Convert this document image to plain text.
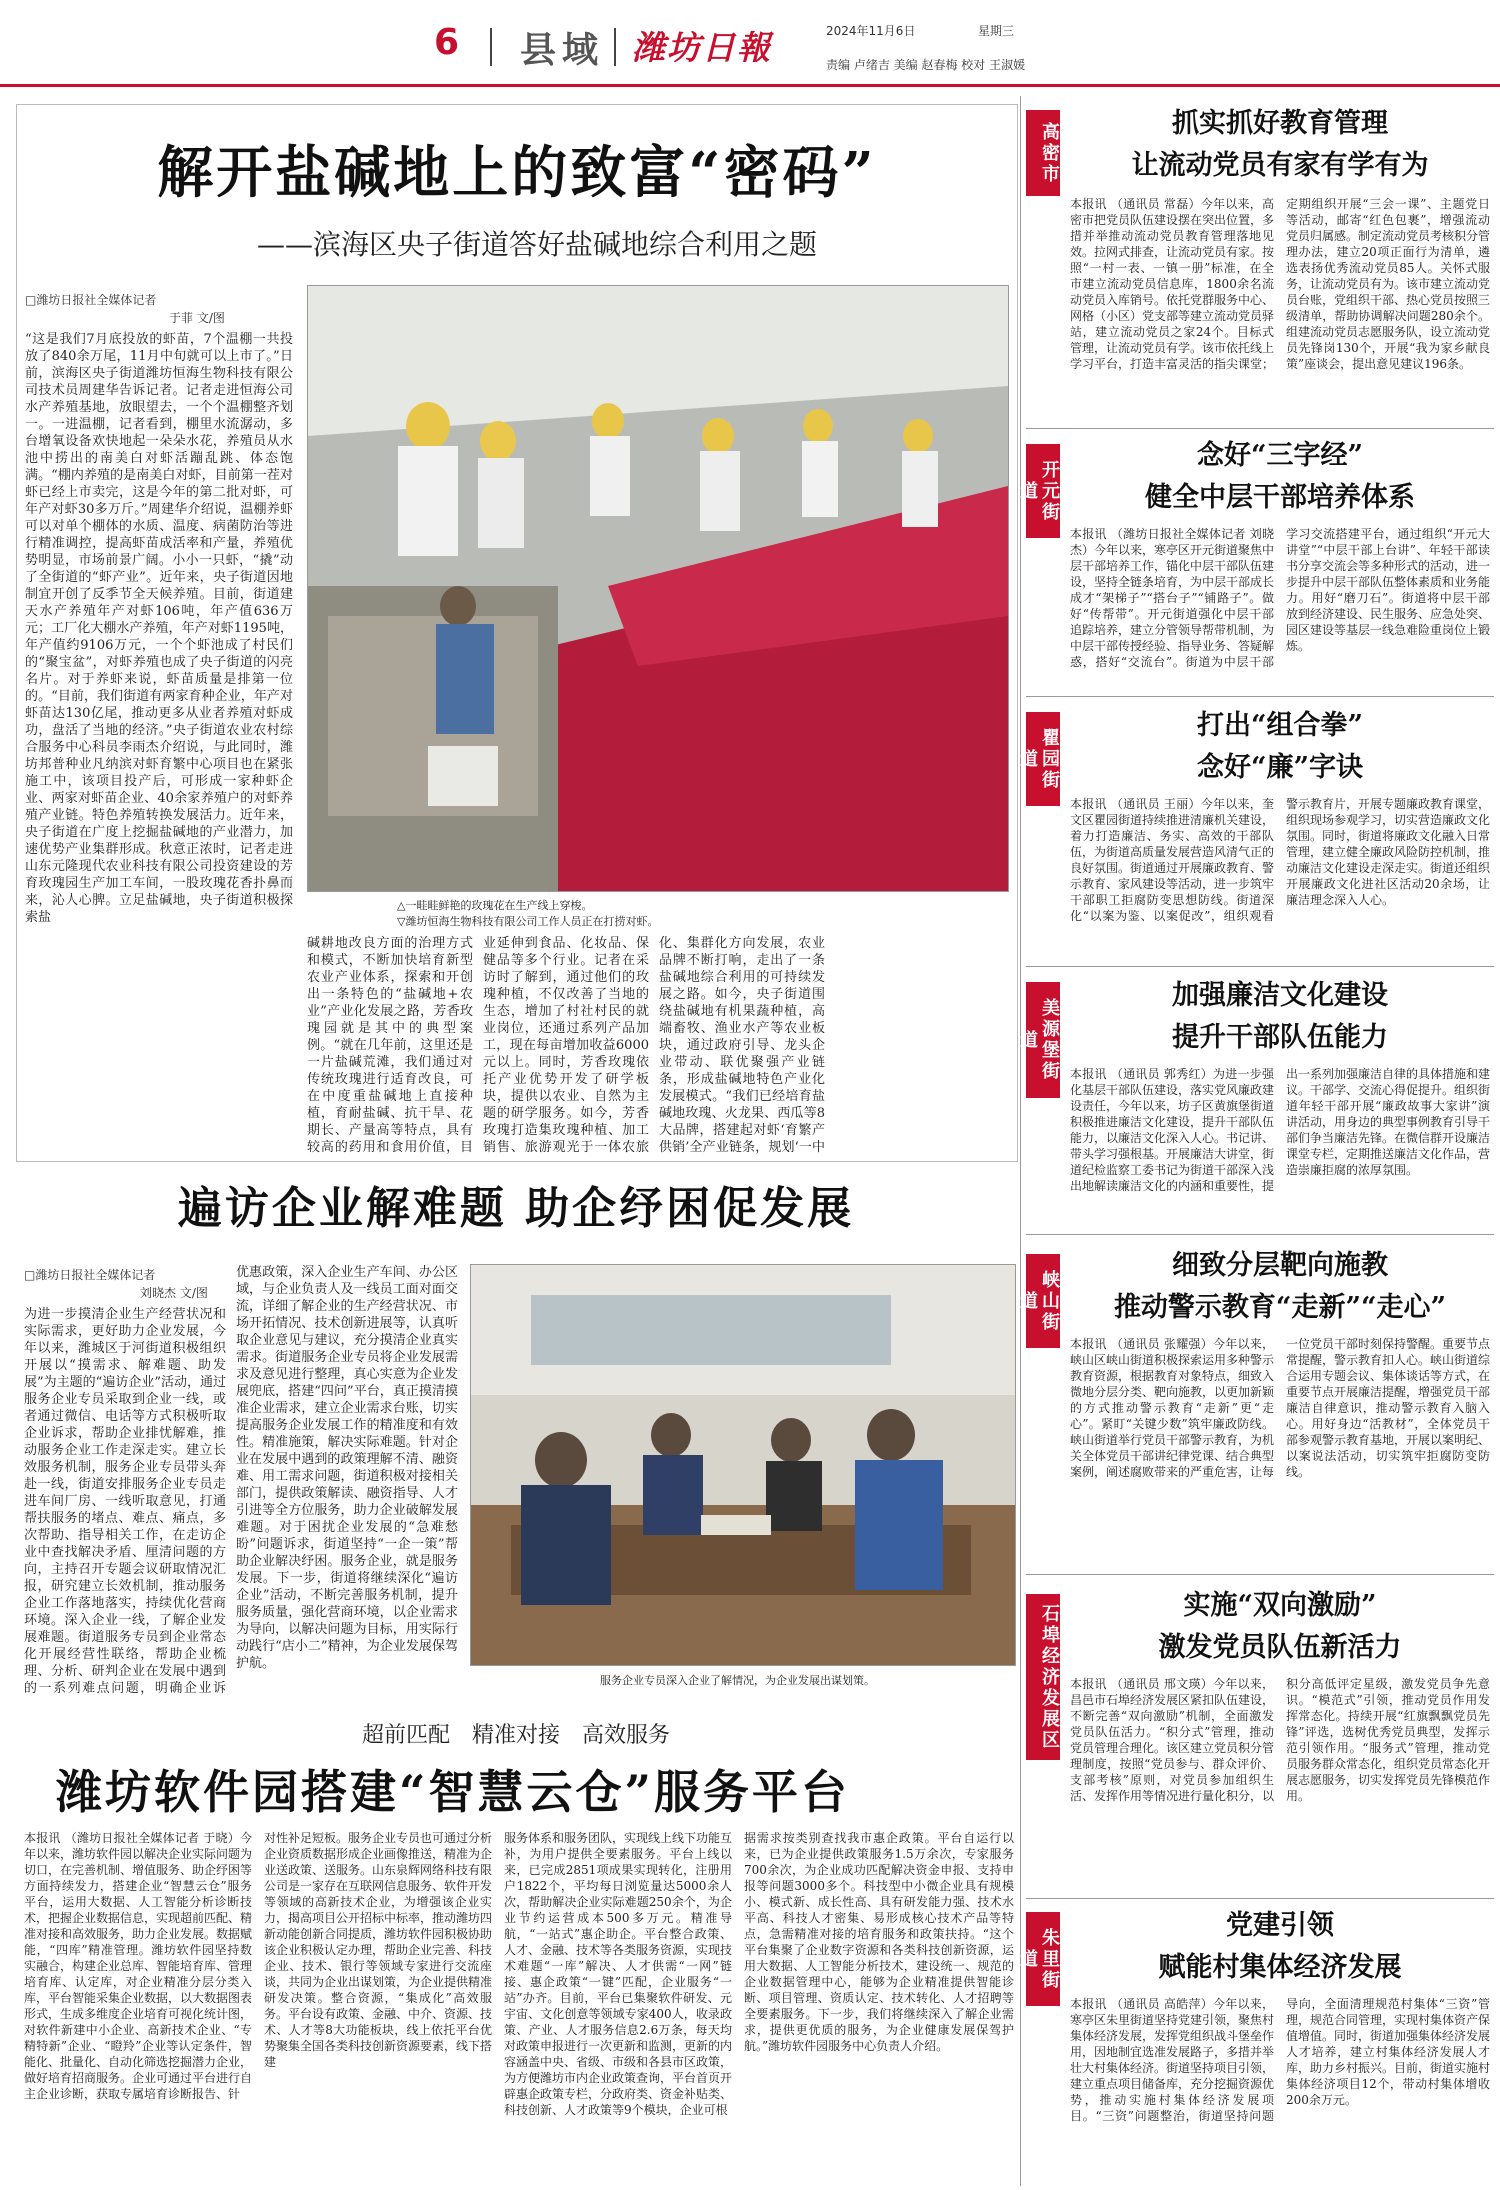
6 县域 潍坊日報	2024年11月6日	星期三
责编 卢绪吉 美编 赵春梅 校对 王淑媛
解开盐碱地上的致富“密码”
——滨海区央子街道答好盐碱地综合利用之题
□潍坊日报社全媒体记者
于菲 文/图
“这是我们7月底投放的虾苗，7个温棚一共投放了840余万尾，11月中旬就可以上市了。”日前，滨海区央子街道潍坊恒海生物科技有限公司技术员周建华告诉记者。记者走进恒海公司水产养殖基地，放眼望去，一个个温棚整齐划一。一进温棚，记者看到，棚里水流潺动，多台增氧设备欢快地起一朵朵水花，养殖员从水池中捞出的南美白对虾活蹦乱跳、体态饱满。“棚内养殖的是南美白对虾，目前第一茬对虾已经上市卖完，这是今年的第二批对虾，可年产对虾30多万斤。”周建华介绍说，温棚养虾可以对单个棚体的水质、温度、病菌防治等进行精准调控，提高虾苗成活率和产量，养殖优势明显，市场前景广阔。小小一只虾，“撬”动了全街道的“虾产业”。近年来，央子街道因地制宜开创了反季节全天候养殖。目前，街道建天水产养殖年产对虾106吨，年产值636万元；工厂化大棚水产养殖，年产对虾1195吨，年产值约9106万元，一个个虾池成了村民们的“聚宝盆”，对虾养殖也成了央子街道的闪亮名片。对于养虾来说，虾苗质量是排第一位的。“目前，我们街道有两家育种企业，年产对虾苗达130亿尾，推动更多从业者养殖对虾成功，盘活了当地的经济。”央子街道农业农村综合服务中心科员李雨杰介绍说，与此同时，潍坊邦普种业凡纳滨对虾育繁中心项目也在紧张施工中，该项目投产后，可形成一家种虾企业、两家对虾苗企业、40余家养殖户的对虾养殖产业链。特色养殖转换发展活力。近年来，央子街道在广度上挖掘盐碱地的产业潜力，加速优势产业集群形成。秋意正浓时，记者走进山东元隆现代农业科技有限公司投资建设的芳育玫瑰园生产加工车间，一股玫瑰花香扑鼻而来，沁人心脾。立足盐碱地，央子街道积极探索盐
△一畦畦鲜艳的玫瑰花在生产线上穿梭。
▽潍坊恒海生物科技有限公司工作人员正在打捞对虾。
碱耕地改良方面的治理方式和模式，不断加快培育新型农业产业体系，探索和开创出一条特色的“盐碱地+农业”产业化发展之路，芳香玫瑰园就是其中的典型案例。“就在几年前，这里还是一片盐碱荒滩，我们通过对传统玫瑰进行适育改良，可在中度重盐碱地上直接种植，育耐盐碱、抗干旱、花期长、产量高等特点，具有较高的药用和食用价值，目
业延伸到食品、化妆品、保健品等多个行业。记者在采访时了解到，通过他们的玫瑰种植，不仅改善了当地的生态，增加了村社村民的就业岗位，还通过系列产品加工，现在每亩增加收益6000元以上。同时，芳香玫瑰依托产业优势开发了研学板块，提供以农业、自然为主题的研学服务。如今，芳香玫瑰打造集玫瑰种植、加工销售、旅游观光于一体农旅
化、集群化方向发展，农业品牌不断打响，走出了一条盐碱地综合利用的可持续发展之路。如今，央子街道围绕盐碱地有机果蔬种植，高端畜牧、渔业水产等农业板块，通过政府引导、龙头企业带动、联优聚强产业链条，形成盐碱地特色产业化发展模式。“我们已经培育盐碱地玫瑰、火龙果、西瓜等8大品牌，搭建起对虾‘育繁产供销’全产业链条，规划‘一中
遍访企业解难题 助企纾困促发展
□潍坊日报社全媒体记者
刘晓杰 文/图
为进一步摸清企业生产经营状况和实际需求，更好助力企业发展，今年以来，潍城区于河街道积极组织开展以“摸需求、解难题、助发展”为主题的“遍访企业”活动，通过服务企业专员采取到企业一线，或者通过微信、电话等方式积极听取企业诉求，帮助企业排忧解难，推动服务企业工作走深走实。建立长效服务机制，服务企业专员带头奔赴一线，街道安排服务企业专员走进车间厂房、一线听取意见，打通帮扶服务的堵点、难点、痛点，多次帮助、指导相关工作，在走访企业中查找解决矛盾、厘清问题的方向，主持召开专题会议研取情况汇报，研究建立长效机制，推动服务企业工作落地落实，持续优化营商环境。深入企业一线，了解企业发展难题。街道服务专员到企业常态化开展经营性联络，帮助企业梳理、分析、研判企业在发展中遇到的一系列难点问题，明确企业诉
优惠政策，深入企业生产车间、办公区域，与企业负责人及一线员工面对面交流，详细了解企业的生产经营状况、市场开拓情况、技术创新进展等，认真听取企业意见与建议，充分摸清企业真实需求。街道服务企业专员将企业发展需求及意见进行整理，真心实意为企业发展兜底，搭建“四问”平台，真正摸清摸准企业需求，建立企业需求台账，切实提高服务企业发展工作的精准度和有效性。精准施策，解决实际难题。针对企业在发展中遇到的政策理解不清、融资难、用工需求问题，街道积极对接相关部门，提供政策解读、融资指导、人才引进等全方位服务，助力企业破解发展难题。对于困扰企业发展的“急难愁盼”问题诉求，街道坚持“一企一策”帮助企业解决纾困。服务企业，就是服务发展。下一步，街道将继续深化“遍访企业”活动，不断完善服务机制，提升服务质量，强化营商环境，以企业需求为导向，以解决问题为目标，用实际行动践行“店小二”精神，为企业发展保驾护航。
服务企业专员深入企业了解情况，为企业发展出谋划策。
超前匹配　精准对接　高效服务
潍坊软件园搭建“智慧云仓”服务平台
本报讯 （潍坊日报社全媒体记者 于晓）今年以来，潍坊软件园以解决企业实际问题为切口，在完善机制、增值服务、助企纾困等方面持续发力，搭建企业“智慧云仓”服务平台，运用大数据、人工智能分析诊断技术，把握企业数据信息，实现超前匹配、精准对接和高效服务，助力企业发展。数据赋能，“四库”精准管理。潍坊软件园坚持数实融合，构建企业总库、智能培育库、管理培育库、认定库，对企业精准分层分类入库，平台智能采集企业数据，以大数据图表形式，生成多维度企业培育可视化统计图，对软件新建中小企业、高新技术企业、“专精特新”企业、“瞪羚”企业等认定条件，智能化、批量化、自动化筛选挖掘潜力企业，做好培育招商服务。企业可通过平台进行自主企业诊断，获取专属培育诊断报告、针
对性补足短板。服务企业专员也可通过分析企业资质数据形成企业画像推送，精准为企业送政策、送服务。山东泉辉网络科技有限公司是一家存在互联网信息服务、软件开发等领域的高新技术企业，为增强该企业实力，揭高项目公开招标中标率，推动潍坊四新动能创新合同提质，潍坊软件园积极协助该企业积极认定办理，帮助企业完善、科技企业、技术、银行等领域专家进行交流座谈，共同为企业出谋划策，为企业提供精准研发决策。整合资源，“集成化”高效服务。平台设有政策、金融、中介、资源、技术、人才等8大功能板块，线上依托平台优势聚集全国各类科技创新资源要素，线下搭建
服务体系和服务团队，实现线上线下功能互补，为用户提供全要素服务。平台上线以来，已完成2851项成果实现转化，注册用户1822个，平均每日浏览量达5000余人次，帮助解决企业实际难题250余个，为企业节约运营成本500多万元。精准导航，“一站式”惠企助企。平台整合政策、人才、金融、技术等各类服务资源，实现技术难题“一库”解决、人才供需“一网”链接、惠企政策“一键”匹配，企业服务“一站”办齐。目前，平台已集聚软件研发、元宇宙、文化创意等领域专家400人，收录政策、产业、人才服务信息2.6万条，每天均对政策申报进行一次更新和监测，更新的内容涵盖中央、省级、市级和各县市区政策，为方便潍坊市内企业政策查询，平台首页开辟惠企政策专栏，分政府类、资金补贴类、科技创新、人才政策等9个模块，企业可根
据需求按类别查找我市惠企政策。平台自运行以来，已为企业提供政策服务1.5万余次，专家服务700余次，为企业成功匹配解决资金申报、支持申报等问题3000多个。科技型中小微企业具有规模小、模式新、成长性高、具有研发能力强、技术水平高、科技人才密集、易形成核心技术产品等特点，急需精准对接的培育服务和政策扶持。“这个平台集聚了企业数字资源和各类科技创新资源，运用大数据、人工智能分析技术，建设统一、规范的企业数据管理中心，能够为企业精准提供智能诊断、项目管理、资质认定、技术转化、人才招聘等全要素服务。下一步，我们将继续深入了解企业需求，提供更优质的服务，为企业健康发展保驾护航。”潍坊软件园服务中心负责人介绍。
高密市	抓实抓好教育管理
让流动党员有家有学有为
本报讯 （通讯员 常磊）今年以来，高密市把党员队伍建设摆在突出位置，多措并举推动流动党员教育管理落地见效。拉网式排查，让流动党员有家。按照“一村一表、一镇一册”标准，在全市建立流动党员信息库，1800余名流动党员入库销号。依托党群服务中心、网格（小区）党支部等建立流动党员驿站，建立流动党员之家24个。目标式管理，让流动党员有学。该市依托线上学习平台，打造丰富灵活的指尖课堂；定期组织开展“三会一课”、主题党日等活动，邮寄“红色包裹”，增强流动党员归属感。制定流动党员考核积分管理办法，建立20项正面行为清单，遴选表扬优秀流动党员85人。关怀式服务，让流动党员有为。该市建立流动党员台账，党组织干部、热心党员按照三级清单，帮助协调解决问题280余个。组建流动党员志愿服务队，设立流动党员先锋岗130个，开展“我为家乡献良策”座谈会，提出意见建议196条。
开元街道
念好“三字经”
健全中层干部培养体系
本报讯 （潍坊日报社全媒体记者 刘晓杰）今年以来，寒亭区开元街道聚焦中层干部培养工作，锚化中层干部队伍建设，坚持全链条培育，为中层干部成长成才“架梯子”“搭台子”“铺路子”。做好“传帮带”。开元街道强化中层干部追踪培养，建立分管领导帮带机制，为中层干部传授经验、指导业务、答疑解惑，搭好“交流台”。街道为中层干部学习交流搭建平台，通过组织“开元大讲堂”“中层干部上台讲”、年轻干部读书分享交流会等多种形式的活动，进一步提升中层干部队伍整体素质和业务能力。用好“磨刀石”。街道将中层干部放到经济建设、民生服务、应急处突、园区建设等基层一线急难险重岗位上锻炼。
瞿园街道
打出“组合拳”
念好“廉”字诀
本报讯 （通讯员 王丽）今年以来，奎文区瞿园街道持续推进清廉机关建设，着力打造廉洁、务实、高效的干部队伍，为街道高质量发展营造风清气正的良好氛围。街道通过开展廉政教育、警示教育、家风建设等活动，进一步筑牢干部职工拒腐防变思想防线。街道深化“以案为鉴、以案促改”，组织观看警示教育片，开展专题廉政教育课堂，组织现场参观学习，切实营造廉政文化氛围。同时，街道将廉政文化融入日常管理，建立健全廉政风险防控机制，推动廉洁文化建设走深走实。街道还组织开展廉政文化进社区活动20余场，让廉洁理念深入人心。
美源堡街道
加强廉洁文化建设
提升干部队伍能力
本报讯 （通讯员 郭秀红）为进一步强化基层干部队伍建设，落实党风廉政建设责任，今年以来，坊子区黄旗堡街道积极推进廉洁文化建设，提升干部队伍能力，以廉洁文化深入人心。书记讲、带头学习强根基。开展廉洁大讲堂，街道纪检监察工委书记为街道干部深入浅出地解读廉洁文化的内涵和重要性，提出一系列加强廉洁自律的具体措施和建议。干部学、交流心得促提升。组织街道年轻干部开展“廉政故事大家讲”演讲活动，用身边的典型事例教育引导干部们争当廉洁先锋。在微信群开设廉洁课堂专栏，定期推送廉洁文化作品，营造崇廉拒腐的浓厚氛围。
峡山街道
细致分层靶向施教
推动警示教育“走新”“走心”
本报讯 （通讯员 张耀强）今年以来，峡山区峡山街道积极探索运用多种警示教育资源，根据教育对象特点，细致入微地分层分类、靶向施教，以更加新颖的方式推动警示教育“走新”更“走心”。紧盯“关键少数”筑牢廉政防线。峡山街道举行党员干部警示教育，为机关全体党员干部讲纪律党课、结合典型案例，阐述腐败带来的严重危害，让每一位党员干部时刻保持警醒。重要节点常提醒，警示教育扣人心。峡山街道综合运用专题会议、集体谈话等方式，在重要节点开展廉洁提醒，增强党员干部廉洁自律意识，推动警示教育入脑入心。用好身边“活教材”，全体党员干部参观警示教育基地，开展以案明纪、以案说法活动，切实筑牢拒腐防变防线。
石埠经济发展区	实施“双向激励”
激发党员队伍新活力
本报讯 （通讯员 邢文瑛）今年以来，昌邑市石埠经济发展区紧扣队伍建设，不断完善“双向激励”机制，全面激发党员队伍活力。“积分式”管理，推动党员管理合理化。该区建立党员积分管理制度，按照“党员参与、群众评价、支部考核”原则，对党员参加组织生活、发挥作用等情况进行量化积分，以积分高低评定星级，激发党员争先意识。“模范式”引领，推动党员作用发挥常态化。持续开展“红旗飘飘党员先锋”评选，选树优秀党员典型，发挥示范引领作用。“服务式”管理，推动党员服务群众常态化，组织党员常态化开展志愿服务，切实发挥党员先锋模范作用。
朱里街道
党建引领
赋能村集体经济发展
本报讯 （通讯员 高皓萍）今年以来，寒亭区朱里街道坚持党建引领，聚焦村集体经济发展，发挥党组织战斗堡垒作用，因地制宜选准发展路子，多措并举壮大村集体经济。街道坚持项目引领，建立重点项目储备库，充分挖掘资源优势，推动实施村集体经济发展项目。“三资”问题整治，街道坚持问题导向，全面清理规范村集体“三资”管理，规范合同管理，实现村集体资产保值增值。同时，街道加强集体经济发展人才培养，建立村集体经济发展人才库，助力乡村振兴。目前，街道实施村集体经济项目12个，带动村集体增收200余万元。
